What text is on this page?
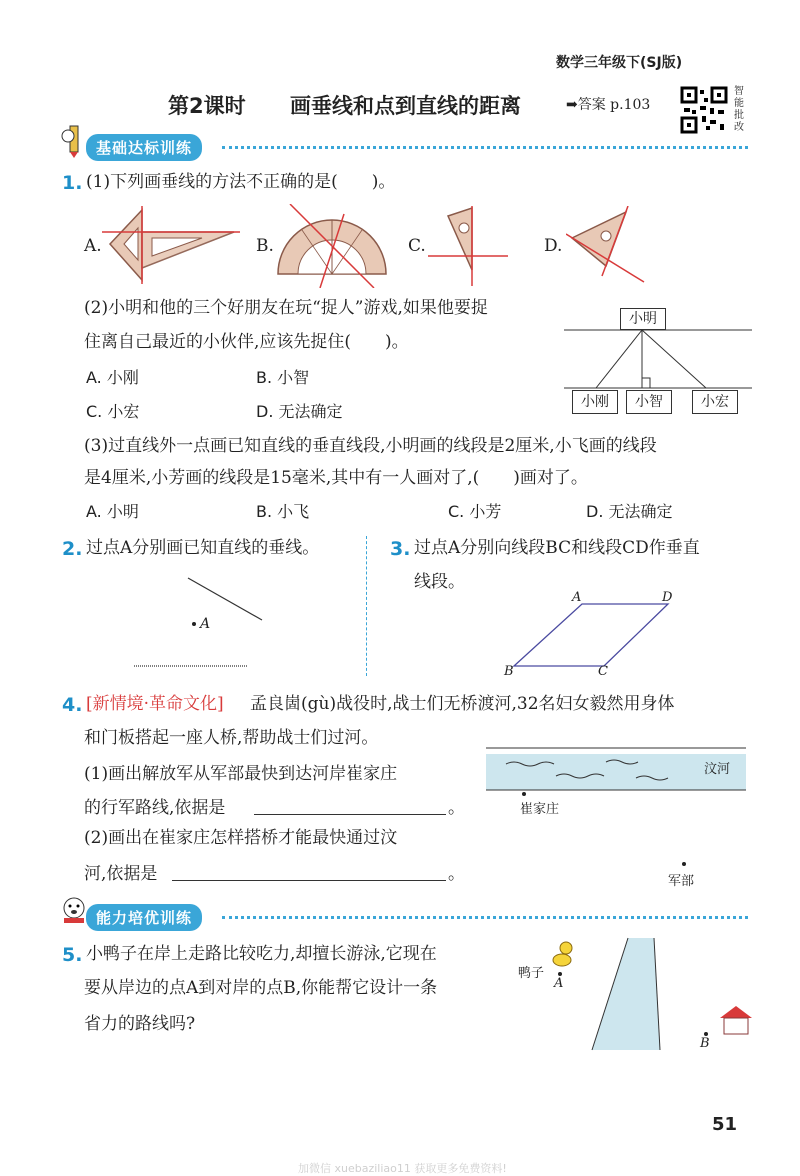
数学三年级下(SJ版)
第2课时 画垂线和点到直线的距离	➡答案 p.103
智
能
批
改
基础达标训练
1. (1)下列画垂线的方法不正确的是(　　)。
A.	B.	C.	D.
(2)小明和他的三个好朋友在玩“捉人”游戏,如果他要捉
住离自己最近的小伙伴,应该先捉住(　　)。
A. 小刚	B. 小智
C. 小宏	D. 无法确定
小明
小刚	小智	小宏
(3)过直线外一点画已知直线的垂直线段,小明画的线段是2厘米,小飞画的线段
是4厘米,小芳画的线段是15毫米,其中有一人画对了,(　　)画对了。
A. 小明	B. 小飞	C. 小芳	D. 无法确定
2. 过点A分别画已知直线的垂线。
A
3. 过点A分别向线段BC和线段CD作垂直
线段。
A	D
B	C
4. [新情境·革命文化] 孟良崮(gù)战役时,战士们无桥渡河,32名妇女毅然用身体
和门板搭起一座人桥,帮助战士们过河。
(1)画出解放军从军部最快到达河岸崔家庄
的行军路线,依据是	。
(2)画出在崔家庄怎样搭桥才能最快通过汶
河,依据是	。
汶河
崔家庄
军部
能力培优训练
5. 小鸭子在岸上走路比较吃力,却擅长游泳,它现在
要从岸边的点A到对岸的点B,你能帮它设计一条
省力的路线吗?
鸭子
A
B
51
加微信 xuebaziliao11 获取更多免费资料!
